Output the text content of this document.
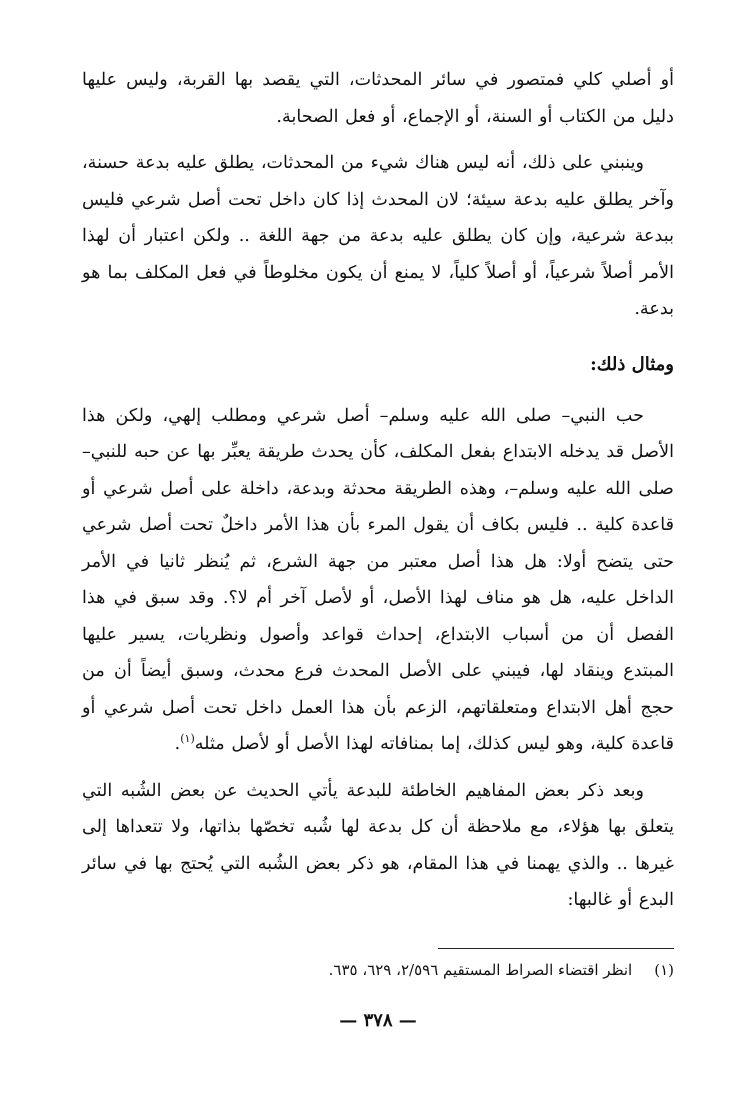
أو أصلي كلي فمتصور في سائر المحدثات، التي يقصد بها القربة، وليس عليها دليل من الكتاب أو السنة، أو الإجماع، أو فعل الصحابة.

وينبني على ذلك، أنه ليس هناك شيء من المحدثات، يطلق عليه بدعة حسنة، وآخر يطلق عليه بدعة سيئة؛ لان المحدث إذا كان داخل تحت أصل شرعي فليس ببدعة شرعية، وإن كان يطلق عليه بدعة من جهة اللغة .. ولكن اعتبار أن لهذا الأمر أصلاً شرعياً، أو أصلاً كلياً، لا يمنع أن يكون مخلوطاً في فعل المكلف بما هو بدعة.

ومثال ذلك:

حب النبي– صلى الله عليه وسلم– أصل شرعي ومطلب إلهي، ولكن هذا الأصل قد يدخله الابتداع بفعل المكلف، كأن يحدث طريقة يعبِّر بها عن حبه للنبي– صلى الله عليه وسلم–، وهذه الطريقة محدثة وبدعة، داخلة على أصل شرعي أو قاعدة كلية .. فليس بكاف أن يقول المرء بأن هذا الأمر داخلٌ تحت أصل شرعي حتى يتضح أولا: هل هذا أصل معتبر من جهة الشرع، ثم يُنظر ثانيا في الأمر الداخل عليه، هل هو مناف لهذا الأصل، أو لأصل آخر أم لا؟. وقد سبق في هذا الفصل أن من أسباب الابتداع، إحداث قواعد وأصول ونظريات، يسير عليها المبتدع وينقاد لها، فيبني على الأصل المحدث فرع محدث، وسبق أيضاً أن من حجج أهل الابتداع ومتعلقاتهم، الزعم بأن هذا العمل داخل تحت أصل شرعي أو قاعدة كلية، وهو ليس كذلك، إما بمنافاته لهذا الأصل أو لأصل مثله$^{(١)}$.

وبعد ذكر بعض المفاهيم الخاطئة للبدعة يأتي الحديث عن بعض الشُبه التي يتعلق بها هؤلاء، مع ملاحظة أن كل بدعة لها شُبه تخصّها بذاتها، ولا تتعداها إلى غيرها .. والذي يهمنا في هذا المقام، هو ذكر بعض الشُبه التي يُحتج بها في سائر البدع أو غالبها:

(١)انظر اقتضاء الصراط المستقيم ٢/٥٩٦، ٦٢٩، ٦٣٥.
— ٣٧٨ —
